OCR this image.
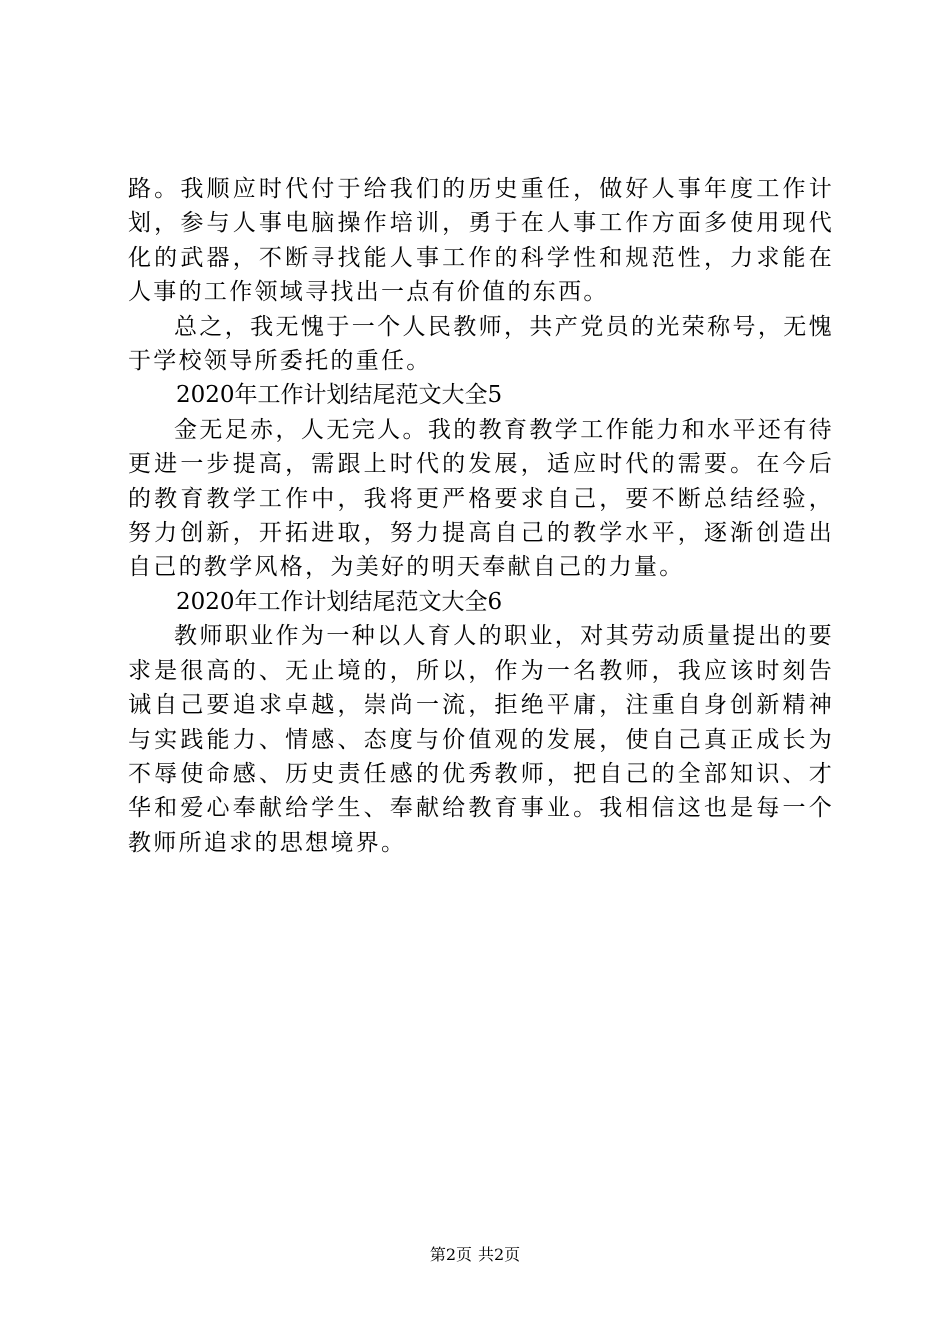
路。我顺应时代付于给我们的历史重任，做好人事年度工作计划，参与人事电脑操作培训，勇于在人事工作方面多使用现代化的武器，不断寻找能人事工作的科学性和规范性，力求能在人事的工作领域寻找出一点有价值的东西。

总之，我无愧于一个人民教师，共产党员的光荣称号，无愧于学校领导所委托的重任。

2020年工作计划结尾范文大全5

金无足赤，人无完人。我的教育教学工作能力和水平还有待更进一步提高，需跟上时代的发展，适应时代的需要。在今后的教育教学工作中，我将更严格要求自己，要不断总结经验，努力创新，开拓进取，努力提高自己的教学水平，逐渐创造出自己的教学风格，为美好的明天奉献自己的力量。

2020年工作计划结尾范文大全6

教师职业作为一种以人育人的职业，对其劳动质量提出的要求是很高的、无止境的，所以，作为一名教师，我应该时刻告诫自己要追求卓越，崇尚一流，拒绝平庸，注重自身创新精神与实践能力、情感、态度与价值观的发展，使自己真正成长为不辱使命感、历史责任感的优秀教师，把自己的全部知识、才华和爱心奉献给学生、奉献给教育事业。我相信这也是每一个教师所追求的思想境界。

第2页 共2页
